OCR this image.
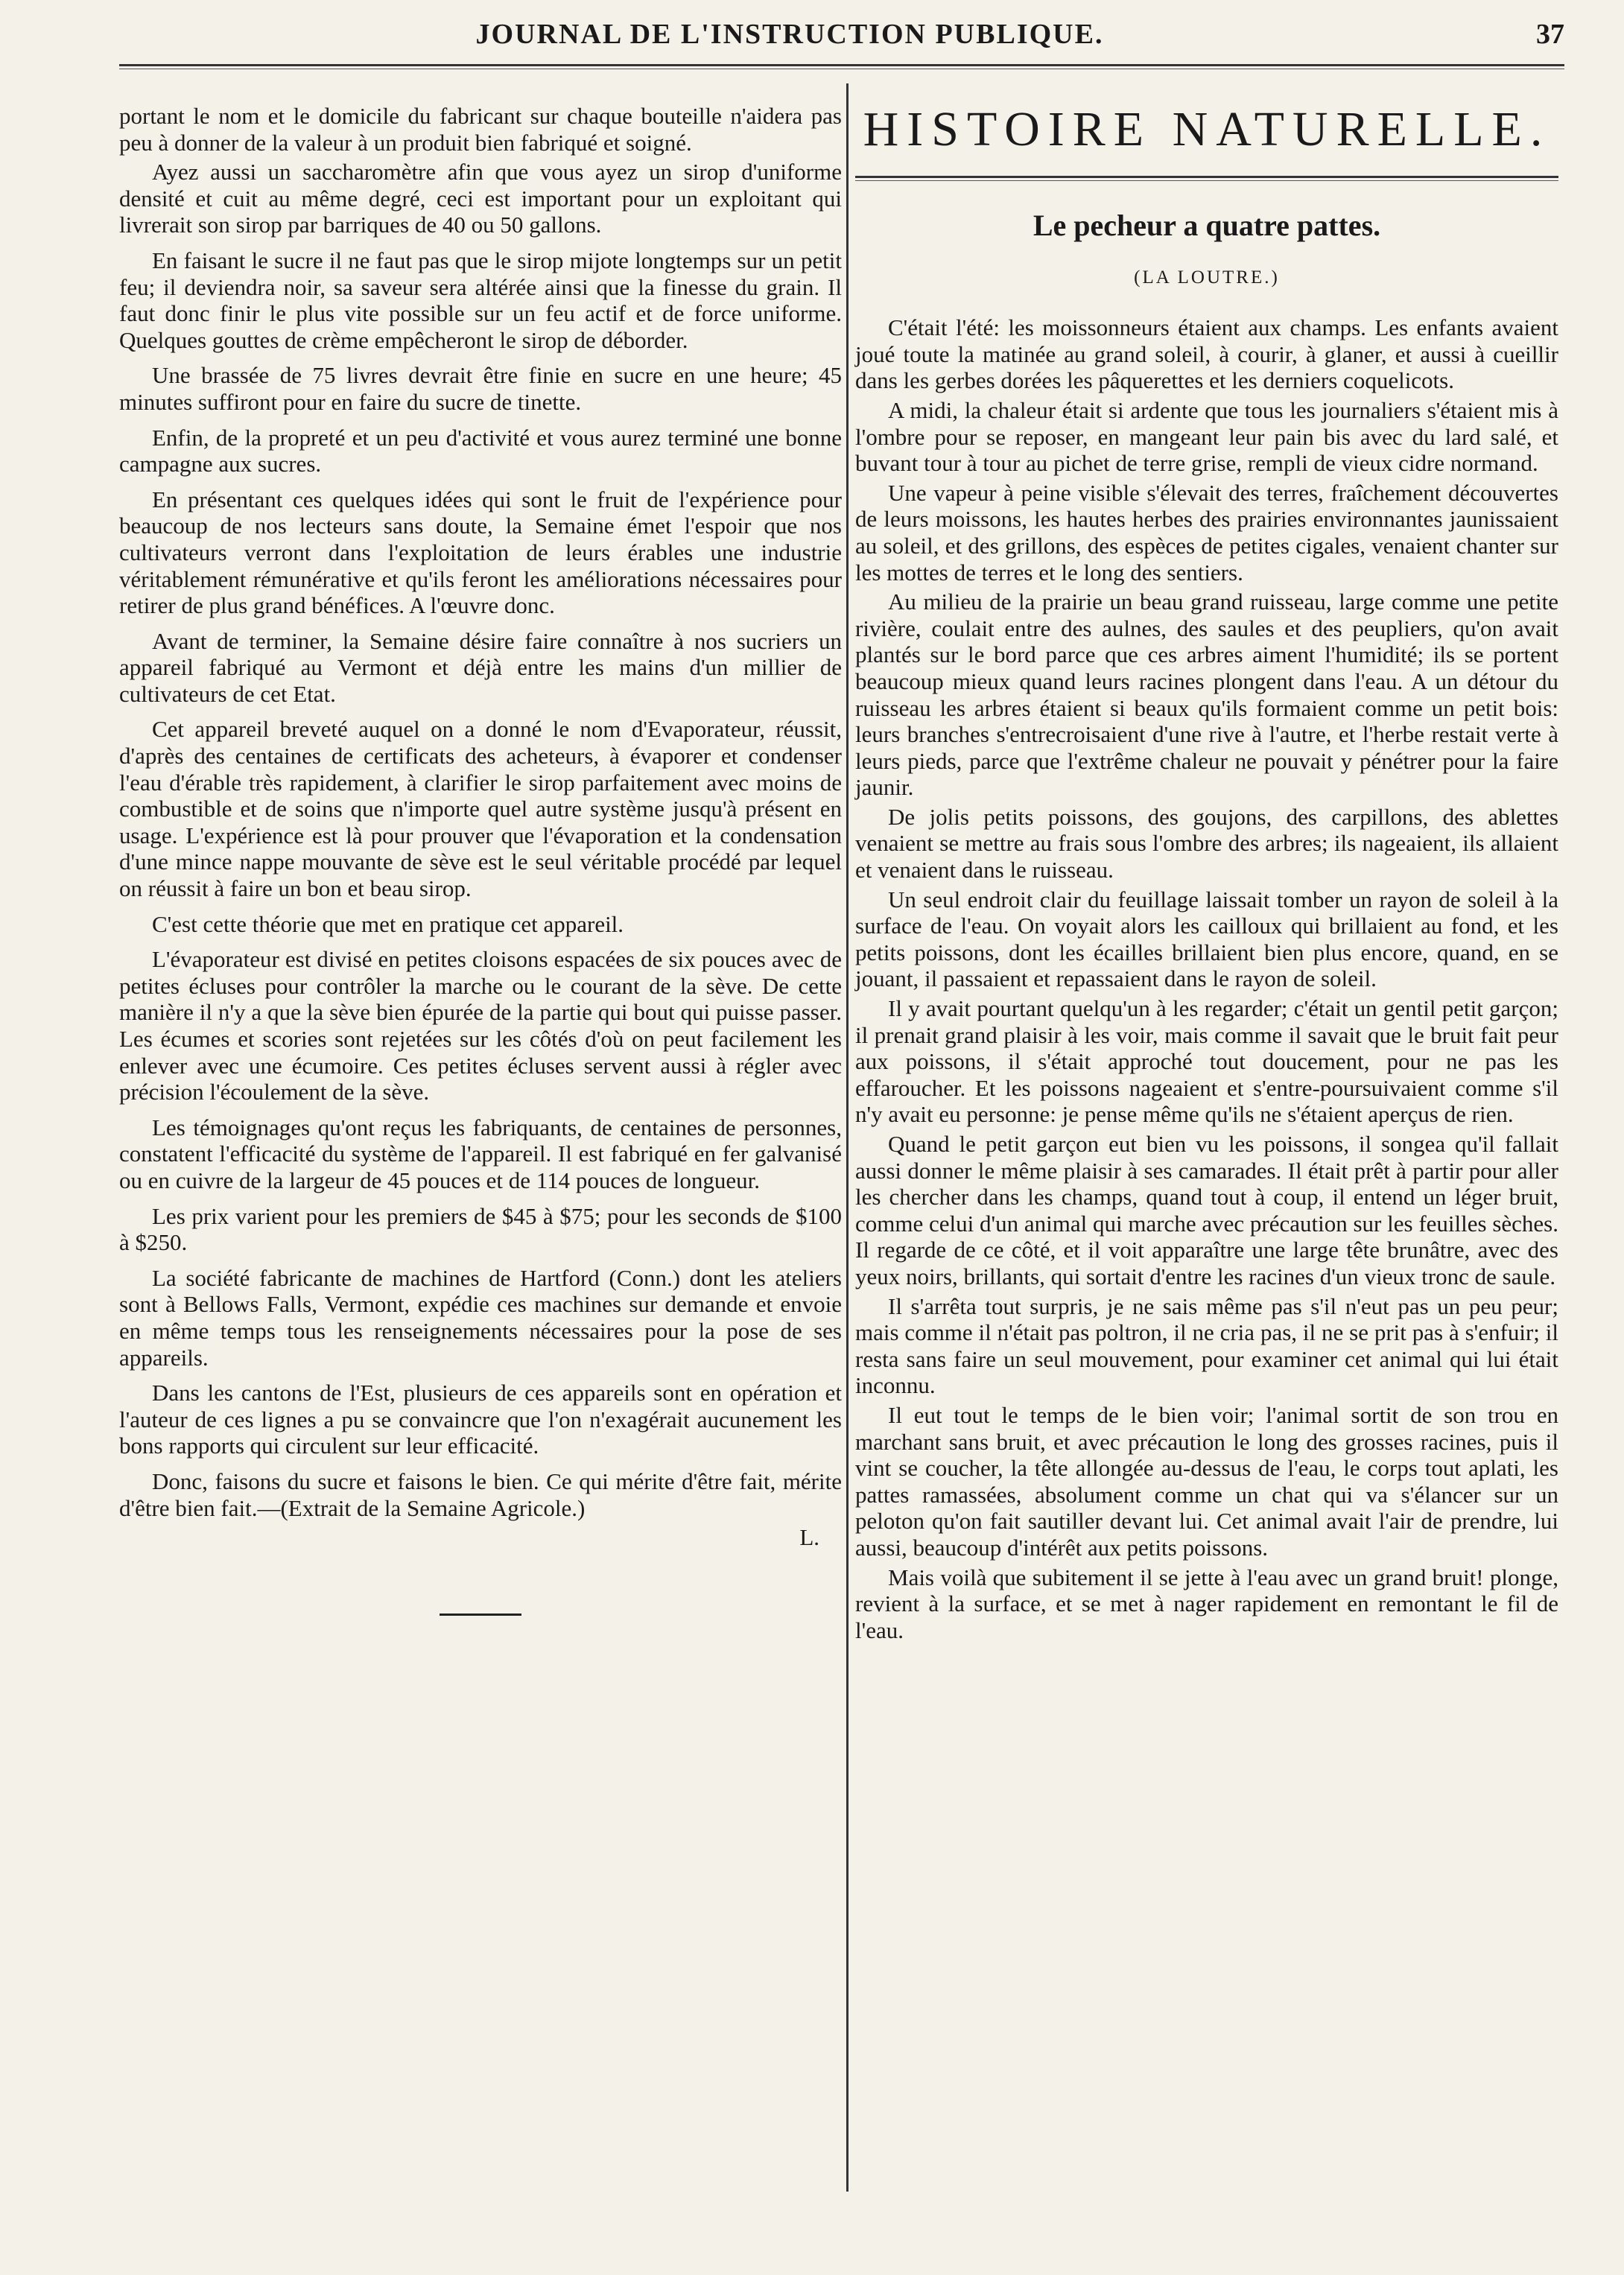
JOURNAL DE L'INSTRUCTION PUBLIQUE.	37

portant le nom et le domicile du fabricant sur chaque bouteille n'aidera pas peu à donner de la valeur à un produit bien fabriqué et soigné.

Ayez aussi un saccharomètre afin que vous ayez un sirop d'uniforme densité et cuit au même degré, ceci est important pour un exploitant qui livrerait son sirop par barriques de 40 ou 50 gallons.

En faisant le sucre il ne faut pas que le sirop mijote longtemps sur un petit feu; il deviendra noir, sa saveur sera altérée ainsi que la finesse du grain. Il faut donc finir le plus vite possible sur un feu actif et de force uniforme. Quelques gouttes de crème empêcheront le sirop de déborder.

Une brassée de 75 livres devrait être finie en sucre en une heure; 45 minutes suffiront pour en faire du sucre de tinette.

Enfin, de la propreté et un peu d'activité et vous aurez terminé une bonne campagne aux sucres.

En présentant ces quelques idées qui sont le fruit de l'expérience pour beaucoup de nos lecteurs sans doute, la Semaine émet l'espoir que nos cultivateurs verront dans l'exploitation de leurs érables une industrie véritablement rémunérative et qu'ils feront les améliorations nécessaires pour retirer de plus grand bénéfices. A l'œuvre donc.

Avant de terminer, la Semaine désire faire connaître à nos sucriers un appareil fabriqué au Vermont et déjà entre les mains d'un millier de cultivateurs de cet Etat.

Cet appareil breveté auquel on a donné le nom d'Evaporateur, réussit, d'après des centaines de certificats des acheteurs, à évaporer et condenser l'eau d'érable très rapidement, à clarifier le sirop parfaitement avec moins de combustible et de soins que n'importe quel autre système jusqu'à présent en usage. L'expérience est là pour prouver que l'évaporation et la condensation d'une mince nappe mouvante de sève est le seul véritable procédé par lequel on réussit à faire un bon et beau sirop.

C'est cette théorie que met en pratique cet appareil.

L'évaporateur est divisé en petites cloisons espacées de six pouces avec de petites écluses pour contrôler la marche ou le courant de la sève. De cette manière il n'y a que la sève bien épurée de la partie qui bout qui puisse passer. Les écumes et scories sont rejetées sur les côtés d'où on peut facilement les enlever avec une écumoire. Ces petites écluses servent aussi à régler avec précision l'écoulement de la sève.

Les témoignages qu'ont reçus les fabriquants, de centaines de personnes, constatent l'efficacité du système de l'appareil. Il est fabriqué en fer galvanisé ou en cuivre de la largeur de 45 pouces et de 114 pouces de longueur.

Les prix varient pour les premiers de $45 à $75; pour les seconds de $100 à $250.

La société fabricante de machines de Hartford (Conn.) dont les ateliers sont à Bellows Falls, Vermont, expédie ces machines sur demande et envoie en même temps tous les renseignements nécessaires pour la pose de ses appareils.

Dans les cantons de l'Est, plusieurs de ces appareils sont en opération et l'auteur de ces lignes a pu se convaincre que l'on n'exagérait aucunement les bons rapports qui circulent sur leur efficacité.

Donc, faisons du sucre et faisons le bien. Ce qui mérite d'être fait, mérite d'être bien fait.—(Extrait de la Semaine Agricole.)

L.
HISTOIRE NATURELLE.
Le pecheur a quatre pattes.
(LA LOUTRE.)

C'était l'été: les moissonneurs étaient aux champs. Les enfants avaient joué toute la matinée au grand soleil, à courir, à glaner, et aussi à cueillir dans les gerbes dorées les pâquerettes et les derniers coquelicots.

A midi, la chaleur était si ardente que tous les journaliers s'étaient mis à l'ombre pour se reposer, en mangeant leur pain bis avec du lard salé, et buvant tour à tour au pichet de terre grise, rempli de vieux cidre normand.

Une vapeur à peine visible s'élevait des terres, fraîchement découvertes de leurs moissons, les hautes herbes des prairies environnantes jaunissaient au soleil, et des grillons, des espèces de petites cigales, venaient chanter sur les mottes de terres et le long des sentiers.

Au milieu de la prairie un beau grand ruisseau, large comme une petite rivière, coulait entre des aulnes, des saules et des peupliers, qu'on avait plantés sur le bord parce que ces arbres aiment l'humidité; ils se portent beaucoup mieux quand leurs racines plongent dans l'eau. A un détour du ruisseau les arbres étaient si beaux qu'ils formaient comme un petit bois: leurs branches s'entrecroisaient d'une rive à l'autre, et l'herbe restait verte à leurs pieds, parce que l'extrême chaleur ne pouvait y pénétrer pour la faire jaunir.

De jolis petits poissons, des goujons, des carpillons, des ablettes venaient se mettre au frais sous l'ombre des arbres; ils nageaient, ils allaient et venaient dans le ruisseau.

Un seul endroit clair du feuillage laissait tomber un rayon de soleil à la surface de l'eau. On voyait alors les cailloux qui brillaient au fond, et les petits poissons, dont les écailles brillaient bien plus encore, quand, en se jouant, il passaient et repassaient dans le rayon de soleil.

Il y avait pourtant quelqu'un à les regarder; c'était un gentil petit garçon; il prenait grand plaisir à les voir, mais comme il savait que le bruit fait peur aux poissons, il s'était approché tout doucement, pour ne pas les effaroucher. Et les poissons nageaient et s'entre-poursuivaient comme s'il n'y avait eu personne: je pense même qu'ils ne s'étaient aperçus de rien.

Quand le petit garçon eut bien vu les poissons, il songea qu'il fallait aussi donner le même plaisir à ses camarades. Il était prêt à partir pour aller les chercher dans les champs, quand tout à coup, il entend un léger bruit, comme celui d'un animal qui marche avec précaution sur les feuilles sèches. Il regarde de ce côté, et il voit apparaître une large tête brunâtre, avec des yeux noirs, brillants, qui sortait d'entre les racines d'un vieux tronc de saule.

Il s'arrêta tout surpris, je ne sais même pas s'il n'eut pas un peu peur; mais comme il n'était pas poltron, il ne cria pas, il ne se prit pas à s'enfuir; il resta sans faire un seul mouvement, pour examiner cet animal qui lui était inconnu.

Il eut tout le temps de le bien voir; l'animal sortit de son trou en marchant sans bruit, et avec précaution le long des grosses racines, puis il vint se coucher, la tête allongée au-dessus de l'eau, le corps tout aplati, les pattes ramassées, absolument comme un chat qui va s'élancer sur un peloton qu'on fait sautiller devant lui. Cet animal avait l'air de prendre, lui aussi, beaucoup d'intérêt aux petits poissons.

Mais voilà que subitement il se jette à l'eau avec un grand bruit! plonge, revient à la surface, et se met à nager rapidement en remontant le fil de l'eau.
